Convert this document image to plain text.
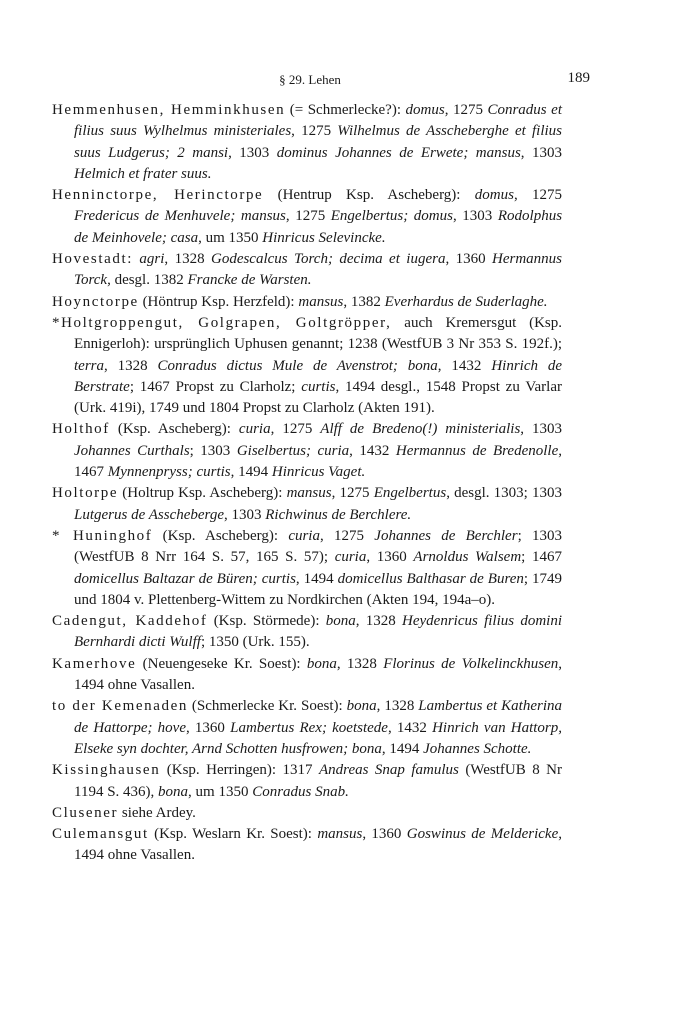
§ 29. Lehen	189

Hemmenhusen, Hemminkhusen (= Schmerlecke?): domus, 1275 Conradus et filius suus Wylhelmus ministeriales, 1275 Wilhelmus de Asscheberghe et filius suus Ludgerus; 2 mansi, 1303 dominus Johannes de Erwete; mansus, 1303 Helmich et frater suus.

Henninctorpe, Herinctorpe (Hentrup Ksp. Ascheberg): domus, 1275 Fredericus de Menhuvele; mansus, 1275 Engelbertus; domus, 1303 Rodolphus de Meinhovele; casa, um 1350 Hinricus Selevincke.

Hovestadt: agri, 1328 Godescalcus Torch; decima et iugera, 1360 Hermannus Torck, desgl. 1382 Francke de Warsten.

Hoynctorpe (Höntrup Ksp. Herzfeld): mansus, 1382 Everhardus de Suderlaghe.

*Holtgroppengut, Golgrapen, Goltgröpper, auch Kremersgut (Ksp. Ennigerloh): ursprünglich Uphusen genannt; 1238 (WestfUB 3 Nr 353 S. 192f.); terra, 1328 Conradus dictus Mule de Avenstrot; bona, 1432 Hinrich de Berstrate; 1467 Propst zu Clarholz; curtis, 1494 desgl., 1548 Propst zu Varlar (Urk. 419i), 1749 und 1804 Propst zu Clarholz (Akten 191).

Holthof (Ksp. Ascheberg): curia, 1275 Alff de Bredeno(!) ministerialis, 1303 Johannes Curthals; 1303 Giselbertus; curia, 1432 Hermannus de Bredenolle, 1467 Mynnenpryss; curtis, 1494 Hinricus Vaget.

Holtorpe (Holtrup Ksp. Ascheberg): mansus, 1275 Engelbertus, desgl. 1303; 1303 Lutgerus de Asscheberge, 1303 Richwinus de Berchlere.

* Huninghof (Ksp. Ascheberg): curia, 1275 Johannes de Berchler; 1303 (WestfUB 8 Nrr 164 S. 57, 165 S. 57); curia, 1360 Arnoldus Walsem; 1467 domicellus Baltazar de Büren; curtis, 1494 domicellus Balthasar de Buren; 1749 und 1804 v. Plettenberg-Wittem zu Nordkirchen (Akten 194, 194a–o).

Cadengut, Kaddehof (Ksp. Störmede): bona, 1328 Heydenricus filius domini Bernhardi dicti Wulff; 1350 (Urk. 155).

Kamerhove (Neuengeseke Kr. Soest): bona, 1328 Florinus de Volkelinckhusen, 1494 ohne Vasallen.

to der Kemenaden (Schmerlecke Kr. Soest): bona, 1328 Lambertus et Katherina de Hattorpe; hove, 1360 Lambertus Rex; koetstede, 1432 Hinrich van Hattorp, Elseke syn dochter, Arnd Schotten husfrowen; bona, 1494 Johannes Schotte.

Kissinghausen (Ksp. Herringen): 1317 Andreas Snap famulus (WestfUB 8 Nr 1194 S. 436), bona, um 1350 Conradus Snab.

Clusener siehe Ardey.

Culemansgut (Ksp. Weslarn Kr. Soest): mansus, 1360 Goswinus de Meldericke, 1494 ohne Vasallen.
